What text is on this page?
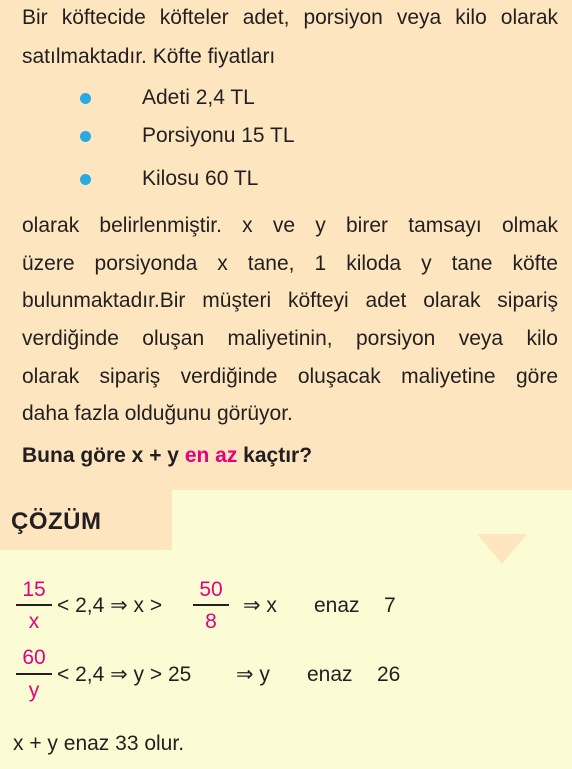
Bir köftecide köfteler adet, porsiyon veya kilo olarak
satılmaktadır. Köfte fiyatları
Adeti 2,4 TL
Porsiyonu 15 TL
Kilosu 60 TL
olarak belirlenmiştir. x ve y birer tamsayı olmak
üzere porsiyonda x tane, 1 kiloda y tane köfte
bulunmaktadır.Bir müşteri köfteyi adet olarak sipariş
verdiğinde oluşan maliyetinin, porsiyon veya kilo
olarak sipariş verdiğinde oluşacak maliyetine göre
daha fazla olduğunu görüyor.
Buna göre x + y en az kaçtır?
ÇÖZÜM
15
x
< 2,4 ⇒ x >
50
8
⇒ x enaz 7
60
y
< 2,4 ⇒ y > 25 ⇒ y enaz 26
x + y enaz 33 olur.
